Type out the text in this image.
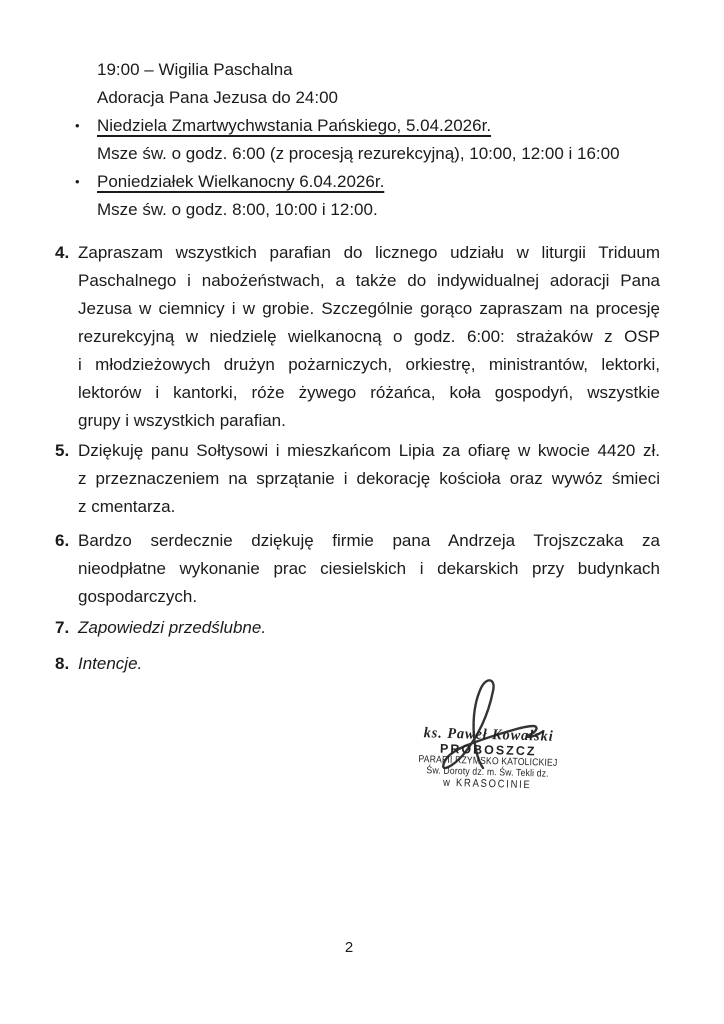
19:00 – Wigilia Paschalna
Adoracja Pana Jezusa do 24:00
•	Niedziela Zmartwychwstania Pańskiego, 5.04.2026r.
Msze św. o godz. 6:00 (z procesją rezurekcyjną), 10:00, 12:00 i 16:00
•	Poniedziałek Wielkanocny 6.04.2026r.
Msze św. o godz. 8:00, 10:00 i 12:00.
4. Zapraszam wszystkich parafian do licznego udziału w liturgii Triduum
Paschalnego i nabożeństwach, a także do indywidualnej adoracji Pana
Jezusa w ciemnicy i w grobie. Szczególnie gorąco zapraszam na procesję
rezurekcyjną w niedzielę wielkanocną o godz. 6:00: strażaków z OSP
i młodzieżowych drużyn pożarniczych, orkiestrę, ministrantów, lektorki,
lektorów i kantorki, róże żywego różańca, koła gospodyń, wszystkie
grupy i wszystkich parafian.
5. Dziękuję panu Sołtysowi i mieszkańcom Lipia za ofiarę w kwocie 4420 zł.
z przeznaczeniem na sprzątanie i dekorację kościoła oraz wywóz śmieci
z cmentarza.
6. Bardzo serdecznie dziękuję firmie pana Andrzeja Trojszczaka za
nieodpłatne wykonanie prac ciesielskich i dekarskich przy budynkach
gospodarczych.
7. Zapowiedzi przedślubne.
8. Intencje.
ks. Paweł Kowalski
PROBOSZCZ
PARAFII RZYMSKO KATOLICKIEJ
Św. Doroty dz. m. Św. Tekli dz.
w KRASOCINIE
2
